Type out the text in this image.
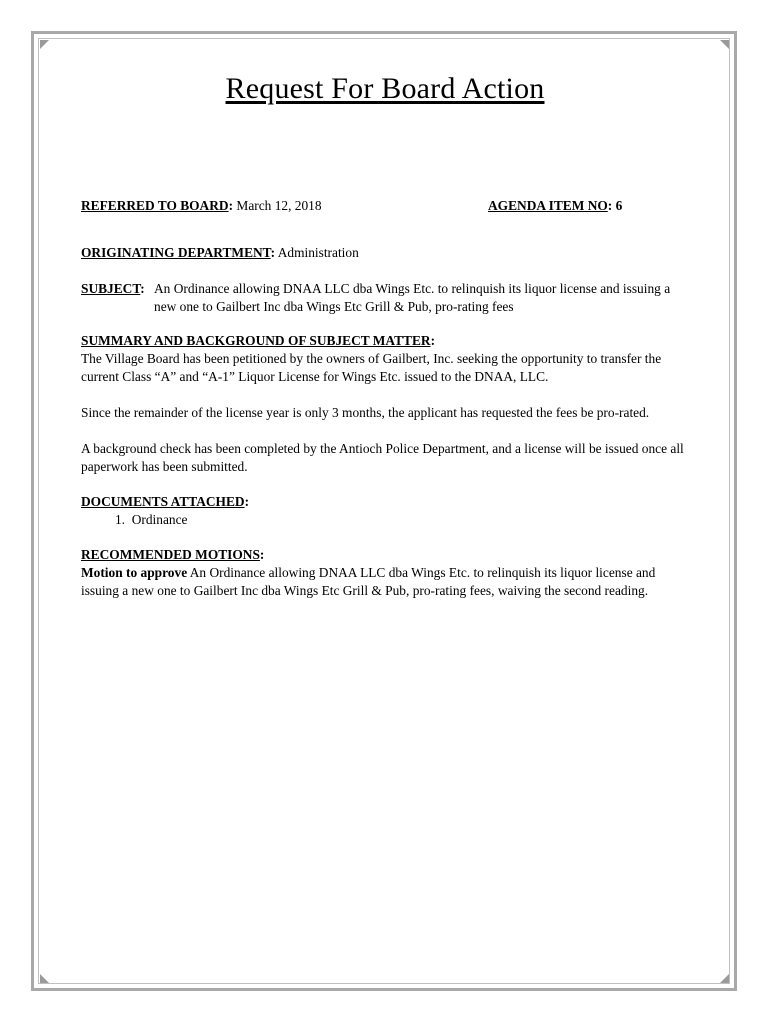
Request For Board Action
REFERRED TO BOARD: March 12, 2018	AGENDA ITEM NO: 6
ORIGINATING DEPARTMENT: Administration
SUBJECT: An Ordinance allowing DNAA LLC dba Wings Etc. to relinquish its liquor license and issuing a new one to Gailbert Inc dba Wings Etc Grill & Pub, pro-rating fees
SUMMARY AND BACKGROUND OF SUBJECT MATTER:

The Village Board has been petitioned by the owners of Gailbert, Inc. seeking the opportunity to transfer the current Class “A” and “A-1” Liquor License for Wings Etc. issued to the DNAA, LLC.

Since the remainder of the license year is only 3 months, the applicant has requested the fees be pro-rated.

A background check has been completed by the Antioch Police Department, and a license will be issued once all paperwork has been submitted.

DOCUMENTS ATTACHED:
1. Ordinance
RECOMMENDED MOTIONS:

Motion to approve An Ordinance allowing DNAA LLC dba Wings Etc. to relinquish its liquor license and issuing a new one to Gailbert Inc dba Wings Etc Grill & Pub, pro-rating fees, waiving the second reading.
